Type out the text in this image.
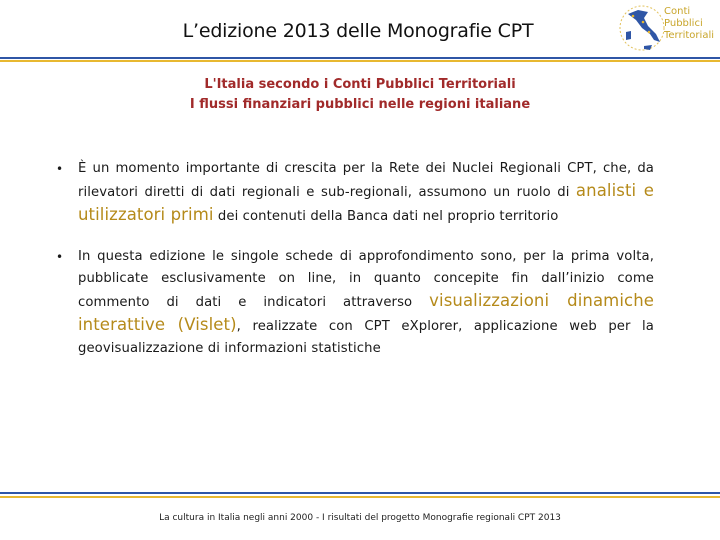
L’edizione 2013 delle Monografie CPT
Conti
Pubblici
Territoriali
L'Italia secondo i Conti Pubblici Territoriali
I flussi finanziari pubblici nelle regioni italiane
• È un momento importante di crescita per la Rete dei Nuclei Regionali CPT, che, da rilevatori diretti di dati regionali e sub-regionali, assumono un ruolo di analisti e utilizzatori primi dei contenuti della Banca dati nel proprio territorio
• In questa edizione le singole schede di approfondimento sono, per la prima volta, pubblicate esclusivamente on line, in quanto concepite fin dall’inizio come commento di dati e indicatori attraverso visualizzazioni dinamiche interattive (Vislet), realizzate con CPT eXplorer, applicazione web per la geovisualizzazione di informazioni statistiche
La cultura in Italia negli anni 2000 - I risultati del progetto Monografie regionali CPT 2013
